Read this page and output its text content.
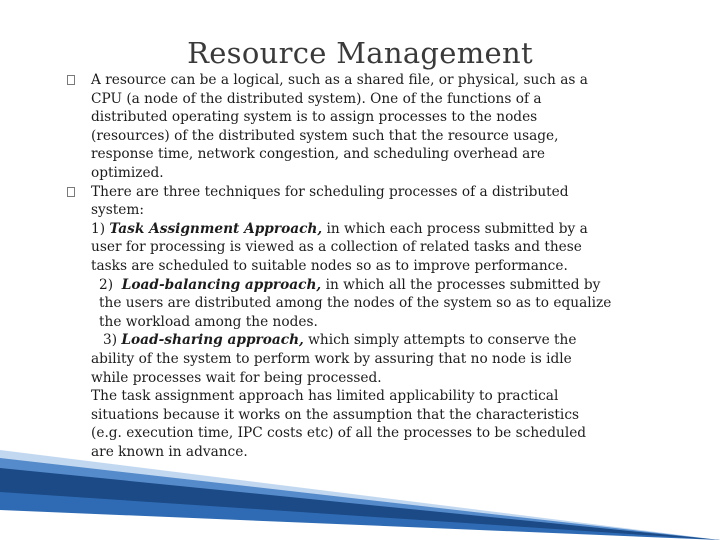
Resource Management
A resource can be a logical, such as a shared file, or physical, such as a
CPU (a node of the distributed system). One of the functions of a
distributed operating system is to assign processes to the nodes
(resources) of the distributed system such that the resource usage,
response time, network congestion, and scheduling overhead are
optimized.
There are three techniques for scheduling processes of a distributed
system:
1) Task Assignment Approach, in which each process submitted by a
user for processing is viewed as a collection of related tasks and these
tasks are scheduled to suitable nodes so as to improve performance.
2) Load-balancing approach, in which all the processes submitted by
the users are distributed among the nodes of the system so as to equalize
the workload among the nodes.
3) Load-sharing approach, which simply attempts to conserve the
ability of the system to perform work by assuring that no node is idle
while processes wait for being processed.
The task assignment approach has limited applicability to practical
situations because it works on the assumption that the characteristics
(e.g. execution time, IPC costs etc) of all the processes to be scheduled
are known in advance.
